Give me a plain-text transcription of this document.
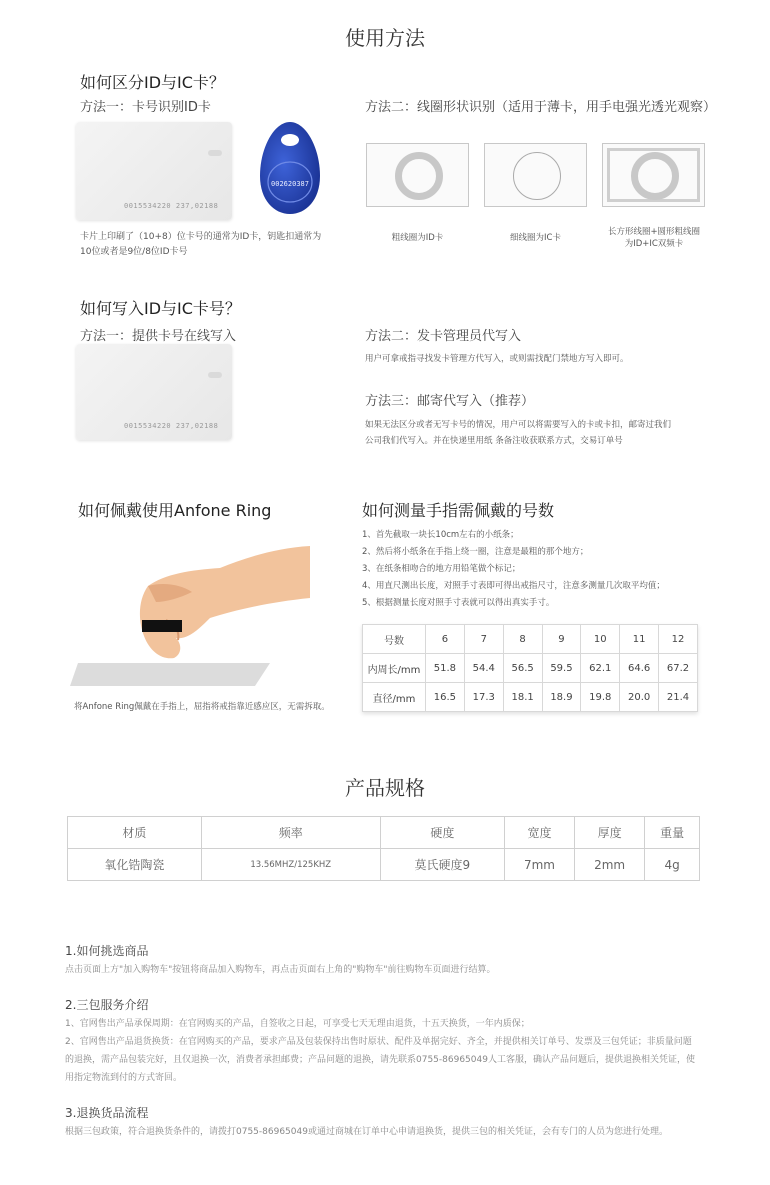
使用方法
如何区分ID与IC卡？
方法一：卡号识别ID卡
0015534220 237,02188
002620387
卡片上印刷了（10+8）位卡号的通常为ID卡，钥匙扣通常为
10位或者是9位/8位ID卡号
方法二：线圈形状识别（适用于薄卡，用手电强光透光观察）
粗线圈为ID卡	细线圈为IC卡
长方形线圈+圆形粗线圈
为ID+IC双频卡
如何写入ID与IC卡号？
方法一：提供卡号在线写入
0015534220 237,02188
方法二：发卡管理员代写入
用户可拿戒指寻找发卡管理方代写入，或则需找配门禁地方写入即可。
方法三：邮寄代写入（推荐）
如果无法区分或者无写卡号的情况，用户可以将需要写入的卡或卡扣，邮寄过我们
公司我们代写入。并在快递里用纸 条备注收获联系方式，交易订单号
如何佩戴使用Anfone Ring
将Anfone Ring佩戴在手指上，屈指将戒指靠近感应区，无需拆取。
如何测量手指需佩戴的号数
1、首先截取一块长10cm左右的小纸条；
2、然后将小纸条在手指上绕一圈，注意是最粗的那个地方；
3、在纸条相吻合的地方用铅笔做个标记；
4、用直尺测出长度，对照手寸表即可得出戒指尺寸，注意多测量几次取平均值；
5、根据测量长度对照手寸表就可以得出真实手寸。
号数	6	7	8	9	10	11	12
内周长/mm	51.8	54.4	56.5	59.5	62.1	64.6	67.2
直径/mm	16.5	17.3	18.1	18.9	19.8	20.0	21.4
产品规格
材质	频率	硬度	宽度	厚度	重量
氧化锆陶瓷	13.56MHZ/125KHZ	莫氏硬度9	7mm	2mm	4g
1.如何挑选商品
点击页面上方"加入购物车"按钮将商品加入购物车，再点击页面右上角的"购物车"前往购物车页面进行结算。
2.三包服务介绍
1、官网售出产品承保周期：在官网购买的产品，自签收之日起，可享受七天无理由退货，十五天换货，一年内质保；
2、官网售出产品退货换货：在官网购买的产品，要求产品及包装保持出售时原状、配件及单据完好、齐全，并提供相关订单号、发票及三包凭证；非质量问题
的退换，需产品包装完好，且仅退换一次，消费者承担邮费；产品问题的退换，请先联系0755-86965049人工客服，确认产品问题后，提供退换相关凭证，使
用指定物流到付的方式寄回。
3.退换货品流程
根据三包政策，符合退换货条件的，请拨打0755-86965049或通过商城在订单中心申请退换货，提供三包的相关凭证，会有专门的人员为您进行处理。
